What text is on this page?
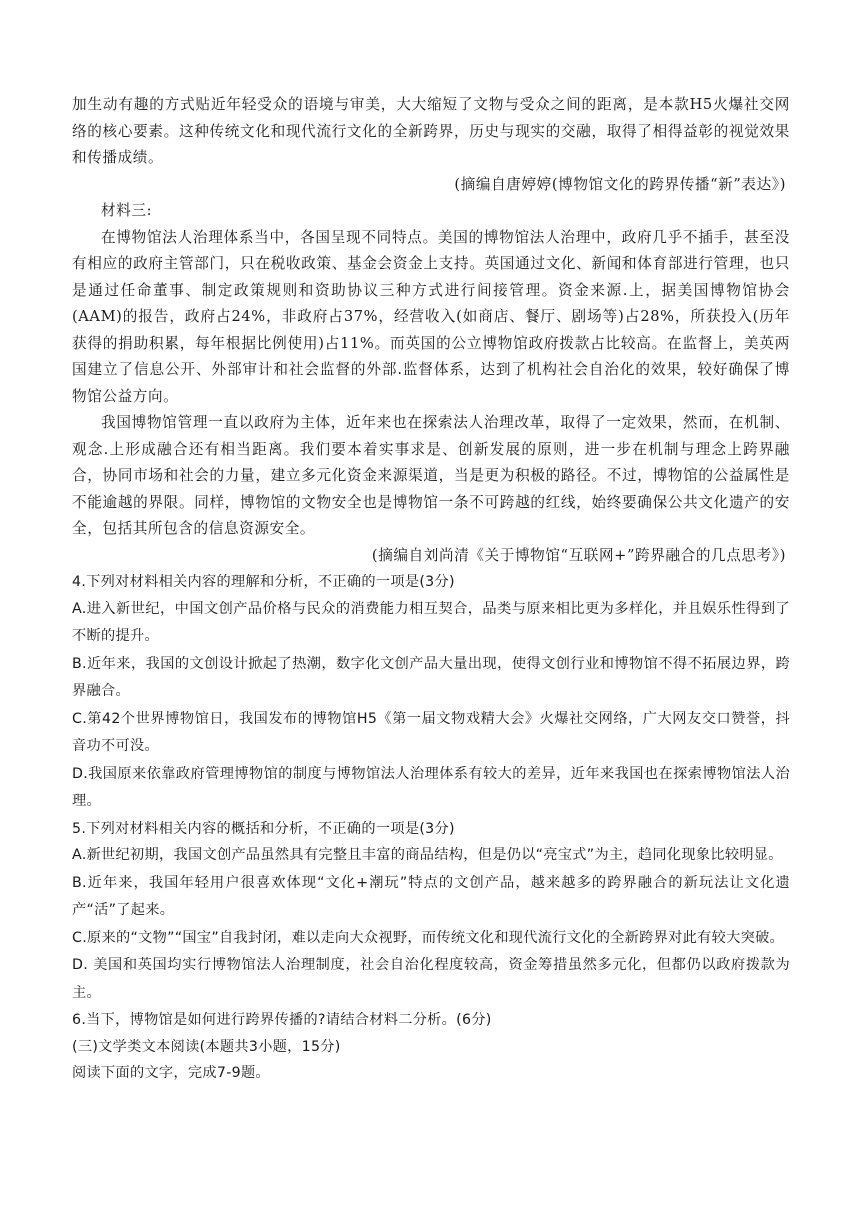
加生动有趣的方式贴近年轻受众的语境与审美，大大缩短了文物与受众之间的距离，是本款H5火爆社交网络的核心要素。这种传统文化和现代流行文化的全新跨界，历史与现实的交融，取得了相得益彰的视觉效果和传播成绩。

(摘编自唐婷婷(博物馆文化的跨界传播“新”表达》)

材料三:

在博物馆法人治理体系当中，各国呈现不同特点。美国的博物馆法人治理中，政府几乎不插手，甚至没有相应的政府主管部门，只在税收政策、基金会资金上支持。英国通过文化、新闻和体育部进行管理，也只是通过任命董事、制定政策规则和资助协议三种方式进行间接管理。资金来源.上，据美国博物馆协会(AAM)的报告，政府占24%，非政府占37%，经营收入(如商店、餐厅、剧场等)占28%，所获投入(历年获得的捐助积累，每年根据比例使用)占11%。而英国的公立博物馆政府拨款占比较高。在监督上，美英两国建立了信息公开、外部审计和社会监督的外部.监督体系，达到了机构社会自治化的效果，较好确保了博物馆公益方向。

我国博物馆管理一直以政府为主体，近年来也在探索法人治理改革，取得了一定效果，然而，在机制、观念.上形成融合还有相当距离。我们要本着实事求是、创新发展的原则，进一步在机制与理念上跨界融合，协同市场和社会的力量，建立多元化资金来源渠道，当是更为积极的路径。不过，博物馆的公益属性是不能逾越的界限。同样，博物馆的文物安全也是博物馆一条不可跨越的红线，始终要确保公共文化遗产的安全，包括其所包含的信息资源安全。

(摘编自刘尚清《关于博物馆“互联网+”跨界融合的几点思考》)

4.下列对材料相关内容的理解和分析，不正确的一项是(3分)

A.进入新世纪，中国文创产品价格与民众的消费能力相互契合，品类与原来相比更为多样化，并且娱乐性得到了不断的提升。

B.近年来，我国的文创设计掀起了热潮，数字化文创产品大量出现，使得文创行业和博物馆不得不拓展边界，跨界融合。

C.第42个世界博物馆日，我国发布的博物馆H5《第一届文物戏精大会》火爆社交网络，广大网友交口赞誉，抖音功不可没。

D.我国原来依靠政府管理博物馆的制度与博物馆法人治理体系有较大的差异，近年来我国也在探索博物馆法人治理。

5.下列对材料相关内容的概括和分析，不正确的一项是(3分)

A.新世纪初期，我国文创产品虽然具有完整且丰富的商品结构，但是仍以“亮宝式”为主，趋同化现象比较明显。

B.近年来，我国年轻用户很喜欢体现“文化+潮玩”特点的文创产品，越来越多的跨界融合的新玩法让文化遗产“活”了起来。

C.原来的“文物”“国宝”自我封闭，难以走向大众视野，而传统文化和现代流行文化的全新跨界对此有较大突破。

D. 美国和英国均实行博物馆法人治理制度，社会自治化程度较高，资金筹措虽然多元化，但都仍以政府拨款为主。

6.当下，博物馆是如何进行跨界传播的?请结合材料二分析。(6分)

(三)文学类文本阅读(本题共3小题，15分)

阅读下面的文字，完成7-9题。
